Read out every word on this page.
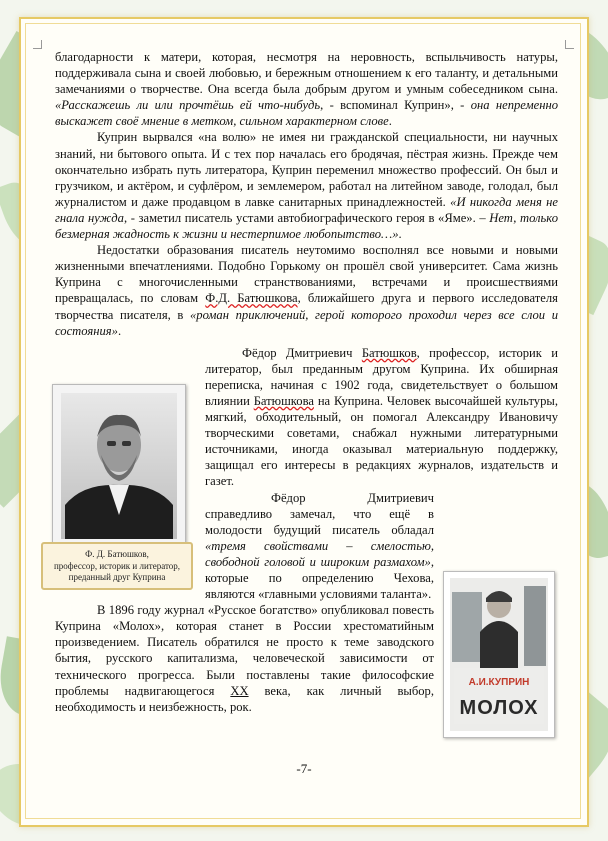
благодарности к матери, которая, несмотря на неровность, вспыльчивость натуры, поддерживала сына и своей любовью, и бережным отношением к его таланту, и детальными замечаниями о творчестве. Она всегда была добрым другом и умным собеседником сына. «Расскажешь ли или прочтёшь ей что-нибудь, - вспоминал Куприн», - она непременно выскажет своё мнение в метком, сильном характерном слове.

Куприн вырвался «на волю» не имея ни гражданской специальности, ни научных знаний, ни бытового опыта. И с тех пор началась его бродячая, пёстрая жизнь. Прежде чем окончательно избрать путь литератора, Куприн переменил множество профессий. Он был и грузчиком, и актёром, и суфлёром, и землемером, работал на литейном заводе, голодал, был журналистом и даже продавцом в лавке санитарных принадлежностей. «И никогда меня не гнала нужда, - заметил писатель устами автобиографического героя в «Яме». – Нет, только безмерная жадность к жизни и нестерпимое любопытство…».

Недостатки образования писатель неутомимо восполнял все новыми и новыми жизненными впечатлениями. Подобно Горькому он прошёл свой университет. Сама жизнь Куприна с многочисленными странствованиями, встречами и происшествиями превращалась, по словам Ф.Д. Батюшкова, ближайшего друга и первого исследователя творчества писателя, в «роман приключений, герой которого проходил через все слои и состояния».

Фёдор Дмитриевич Батюшков, профессор, историк и литератор, был преданным другом Куприна. Их обширная переписка, начиная с 1902 года, свидетельствует о большом влиянии Батюшкова на Куприна. Человек высочайшей культуры, мягкий, обходительный, он помогал Александру Ивановичу творческими советами, снабжал нужными литературными источниками, иногда оказывал материальную поддержку, защищал его интересы в редакциях журналов, издательств и газет.

Фёдор Дмитриевич справедливо замечал, что ещё в молодости будущий писатель обладал «тремя свойствами – смелостью, свободной головой и широким размахом», которые по определению Чехова, являются «главными условиями таланта».

В 1896 году журнал «Русское богатство» опубликовал повесть Куприна «Молох», которая станет в России хрестоматийным произведением. Писатель обратился не просто к теме заводского бытия, русского капитализма, человеческой зависимости от технического прогресса. Были поставлены такие философские проблемы надвигающегося XX века, как личный выбор, необходимость и неизбежность, рок.

Ф. Д. Батюшков,
профессор, историк и литератор,
преданный друг Куприна
А.И.КУПРИН
МОЛОХ
-7-
